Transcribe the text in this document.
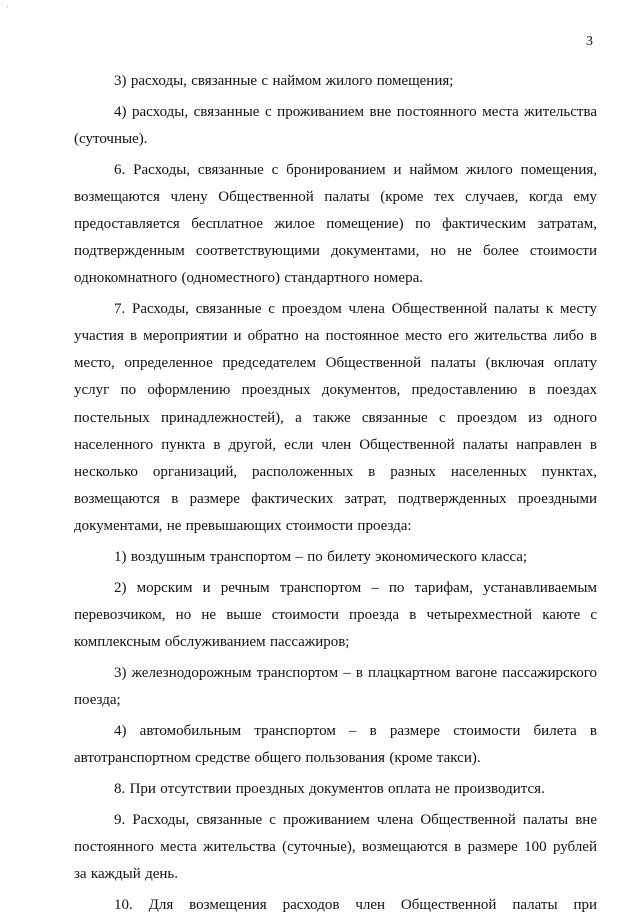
’
3

3) расходы, связанные с наймом жилого помещения;

4) расходы, связанные с проживанием вне постоянного места жительства (суточные).

6. Расходы, связанные с бронированием и наймом жилого помещения, возмещаются члену Общественной палаты (кроме тех случаев, когда ему предоставляется бесплатное жилое помещение) по фактическим затратам, подтвержденным соответствующими документами, но не более стоимости однокомнатного (одноместного) стандартного номера.

7. Расходы, связанные с проездом члена Общественной палаты к месту участия в мероприятии и обратно на постоянное место его жительства либо в место, определенное председателем Общественной палаты (включая оплату услуг по оформлению проездных документов, предоставлению в поездах постельных принадлежностей), а также связанные с проездом из одного населенного пункта в другой, если член Общественной палаты направлен в несколько организаций, расположенных в разных населенных пунктах, возмещаются в размере фактических затрат, подтвержденных проездными документами, не превышающих стоимости проезда:

1) воздушным транспортом – по билету экономического класса;

2) морским и речным транспортом – по тарифам, устанавливаемым перевозчиком, но не выше стоимости проезда в четырехместной каюте с комплексным обслуживанием пассажиров;

3) железнодорожным транспортом – в плацкартном вагоне пассажирского поезда;

4) автомобильным транспортом – в размере стоимости билета в автотранспортном средстве общего пользования (кроме такси).

8. При отсутствии проездных документов оплата не производится.

9. Расходы, связанные с проживанием члена Общественной палаты вне постоянного места жительства (суточные), возмещаются в размере 100 рублей за каждый день.

10. Для возмещения расходов член Общественной палаты при
